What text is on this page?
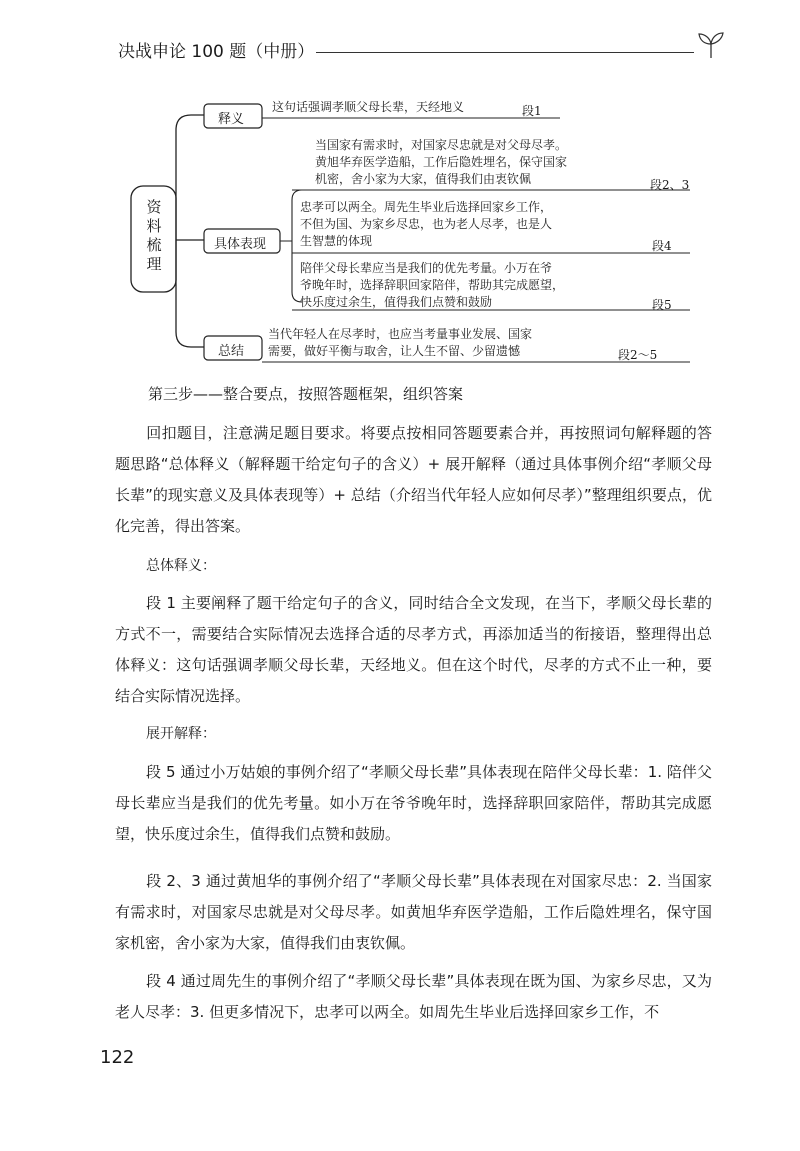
决战申论 100 题（中册）
资
料
梳
理
释义
具体表现
总结
这句话强调孝顺父母长辈，天经地义	段1
当国家有需求时，对国家尽忠就是对父母尽孝。
黄旭华弃医学造船，工作后隐姓埋名，保守国家
机密，舍小家为大家，值得我们由衷钦佩	段2、3
忠孝可以两全。周先生毕业后选择回家乡工作，
不但为国、为家乡尽忠，也为老人尽孝，也是人
生智慧的体现	段4
陪伴父母长辈应当是我们的优先考量。小万在爷
爷晚年时，选择辞职回家陪伴，帮助其完成愿望，
快乐度过余生，值得我们点赞和鼓励	段5
当代年轻人在尽孝时，也应当考量事业发展、国家
需要，做好平衡与取舍，让人生不留、少留遗憾	段2～5
第三步——整合要点，按照答题框架，组织答案
回扣题目，注意满足题目要求。将要点按相同答题要素合并，再按照词句解释题的答题思路“总体释义（解释题干给定句子的含义）+ 展开解释（通过具体事例介绍“孝顺父母长辈”的现实意义及具体表现等）+ 总结（介绍当代年轻人应如何尽孝）”整理组织要点，优化完善，得出答案。
总体释义：
段 1 主要阐释了题干给定句子的含义，同时结合全文发现，在当下，孝顺父母长辈的方式不一，需要结合实际情况去选择合适的尽孝方式，再添加适当的衔接语，整理得出总体释义：这句话强调孝顺父母长辈，天经地义。但在这个时代，尽孝的方式不止一种，要结合实际情况选择。
展开解释：
段 5 通过小万姑娘的事例介绍了“孝顺父母长辈”具体表现在陪伴父母长辈：1. 陪伴父母长辈应当是我们的优先考量。如小万在爷爷晚年时，选择辞职回家陪伴，帮助其完成愿望，快乐度过余生，值得我们点赞和鼓励。
段 2、3 通过黄旭华的事例介绍了“孝顺父母长辈”具体表现在对国家尽忠：2. 当国家有需求时，对国家尽忠就是对父母尽孝。如黄旭华弃医学造船，工作后隐姓埋名，保守国家机密，舍小家为大家，值得我们由衷钦佩。
段 4 通过周先生的事例介绍了“孝顺父母长辈”具体表现在既为国、为家乡尽忠，又为老人尽孝：3. 但更多情况下，忠孝可以两全。如周先生毕业后选择回家乡工作，不
122
